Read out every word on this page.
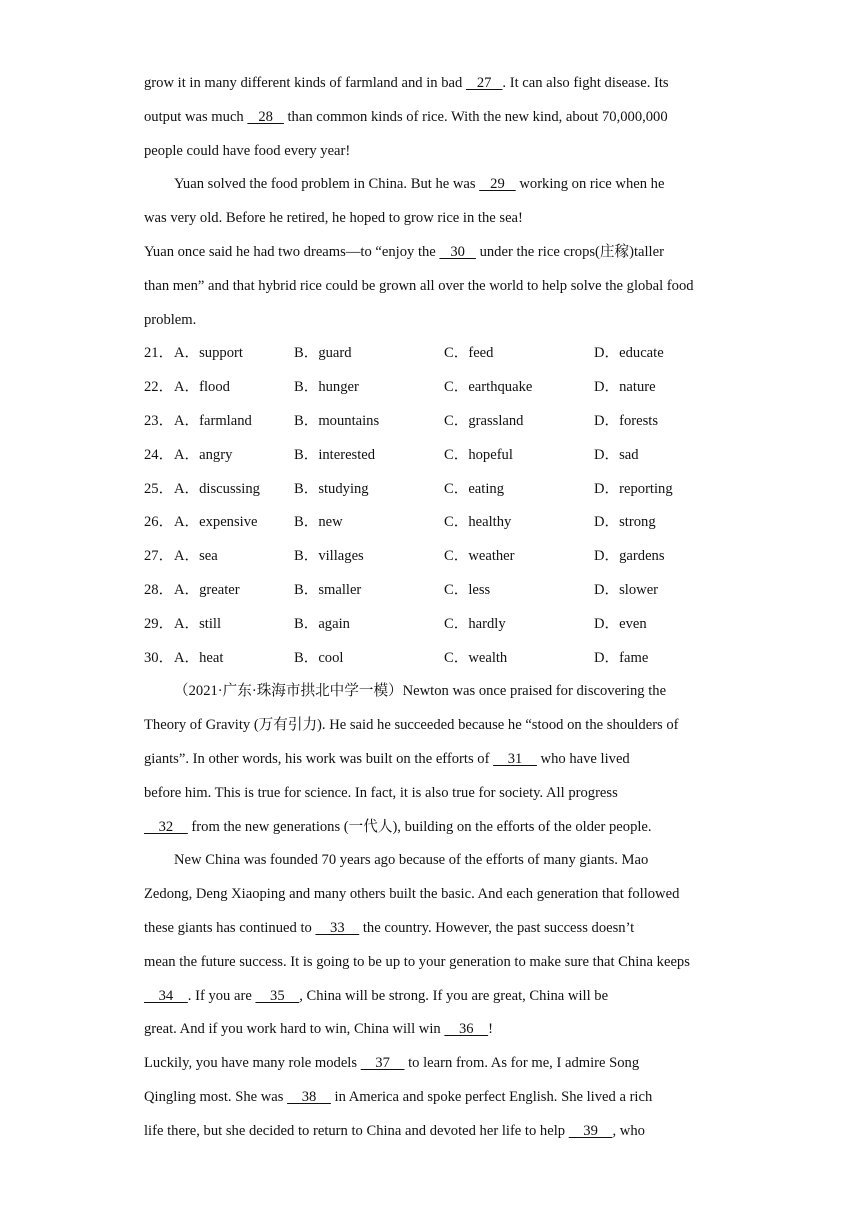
grow it in many different kinds of farmland and in bad    27   . It can also fight disease. Its
output was much    28    than common kinds of rice. With the new kind, about 70,000,000
people could have food every year!
Yuan solved the food problem in China. But he was    29    working on rice when he
was very old. Before he retired, he hoped to grow rice in the sea!
Yuan once said he had two dreams—to “enjoy the    30    under the rice crops(庄稼)taller
than men” and that hybrid rice could be grown all over the world to help solve the global food
problem.
21． A．support	B．guard	C．feed	D．educate
22． A．flood	B．hunger	C．earthquake	D．nature
23． A．farmland	B．mountains	C．grassland	D．forests
24． A．angry	B．interested	C．hopeful	D．sad
25． A．discussing B．studying	C．eating	D．reporting
26． A．expensive	B．new	C．healthy	D．strong
27． A．sea	B．villages	C．weather	D．gardens
28． A．greater	B．smaller	C．less	D．slower
29． A．still	B．again	C．hardly	D．even
30． A．heat	B．cool	C．wealth	D．fame
（2021·广东·珠海市拱北中学一模）Newton was once praised for discovering the
Theory of Gravity (万有引力). He said he succeeded because he “stood on the shoulders of
giants”. In other words, his work was built on the efforts of     31     who have lived
before him. This is true for science. In fact, it is also true for society. All progress
32     from the new generations (一代人), building on the efforts of the older people.
New China was founded 70 years ago because of the efforts of many giants. Mao
Zedong, Deng Xiaoping and many others built the basic. And each generation that followed
these giants has continued to     33     the country. However, the past success doesn’t
mean the future success. It is going to be up to your generation to make sure that China keeps
34    . If you are     35    , China will be strong. If you are great, China will be
great. And if you work hard to win, China will win     36    !
Luckily, you have many role models     37     to learn from. As for me, I admire Song
Qingling most. She was     38     in America and spoke perfect English. She lived a rich
life there, but she decided to return to China and devoted her life to help     39    , who
